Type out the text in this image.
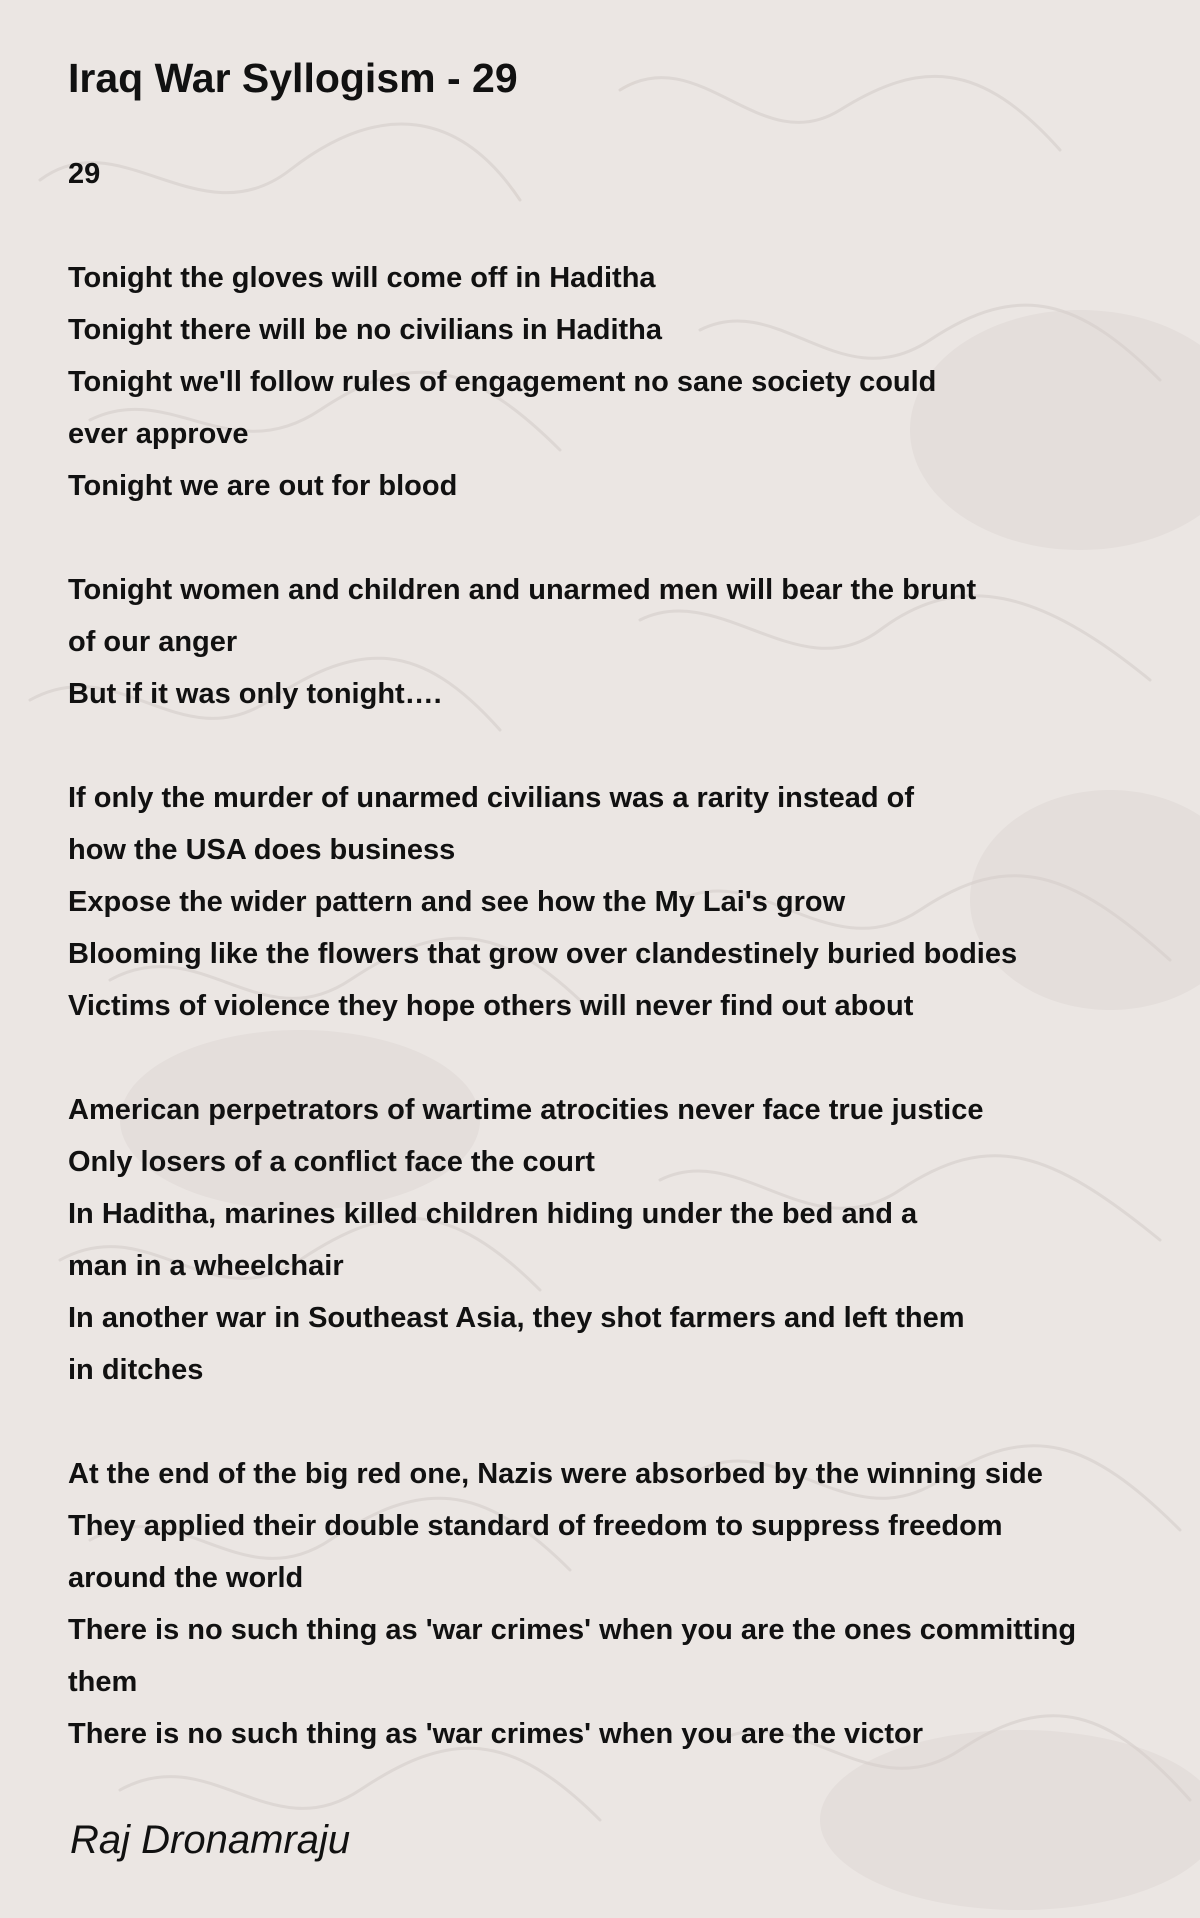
Iraq War Syllogism - 29
29
Tonight the gloves will come off in Haditha
Tonight there will be no civilians in Haditha
Tonight we'll follow rules of engagement no sane society could
ever approve
Tonight we are out for blood
Tonight women and children and unarmed men will bear the brunt
of our anger
But if it was only tonight….
If only the murder of unarmed civilians was a rarity instead of
how the USA does business
Expose the wider pattern and see how the My Lai's grow
Blooming like the flowers that grow over clandestinely buried bodies
Victims of violence they hope others will never find out about
American perpetrators of wartime atrocities never face true justice
Only losers of a conflict face the court
In Haditha, marines killed children hiding under the bed and a
man in a wheelchair
In another war in Southeast Asia, they shot farmers and left them
in ditches
At the end of the big red one, Nazis were absorbed by the winning side
They applied their double standard of freedom to suppress freedom
around the world
There is no such thing as 'war crimes' when you are the ones committing
them
There is no such thing as 'war crimes' when you are the victor
Raj Dronamraju
